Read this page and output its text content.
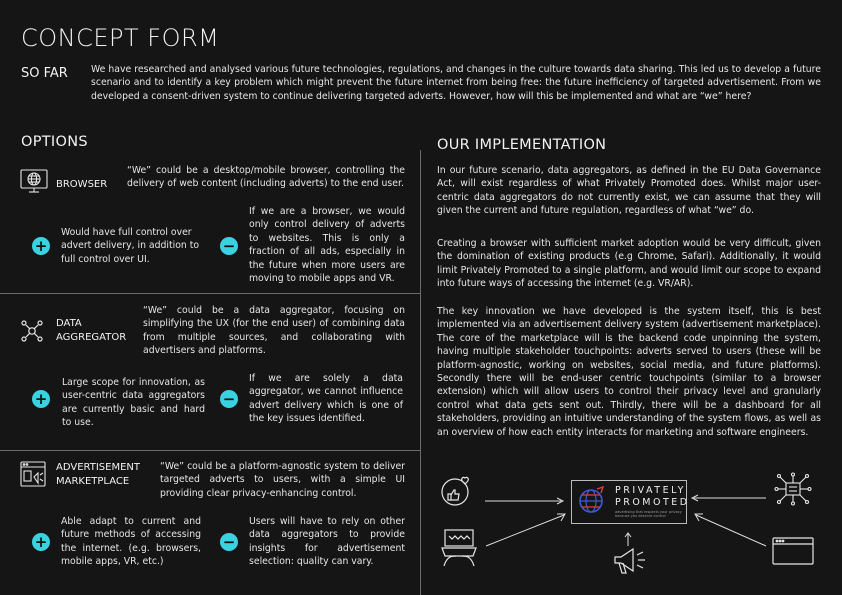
CONCEPT FORM
SO FAR We have researched and analysed various future technologies, regulations, and changes in the culture towards data sharing. This led us to develop a future scenario and to identify a key problem which might prevent the future internet from being free: the future inefficiency of targeted advertisement. From we developed a consent-driven system to continue delivering targeted adverts. However, how will this be implemented and what are “we” here?
OPTIONS
BROWSER
“We” could be a desktop/mobile browser, controlling the delivery of web content (including adverts) to the end user.
+
Would have full control over advert delivery, in addition to full control over UI.
−
If we are a browser, we would only control delivery of adverts to websites. This is only a fraction of all ads, especially in the future when more users are moving to mobile apps and VR.
DATA
AGGREGATOR
“We” could be a data aggregator, focusing on simplifying the UX (for the end user) of combining data from multiple sources, and collaborating with advertisers and platforms.
+
Large scope for innovation, as user-centric data aggregators are currently basic and hard to use.
−
If we are solely a data aggregator, we cannot influence advert delivery which is one of the key issues identified.
ADVERTISEMENT
MARKETPLACE
“We” could be a platform-agnostic system to deliver targeted adverts to users, with a simple UI providing clear privacy-enhancing control.
+
Able adapt to current and future methods of accessing the internet. (e.g. browsers, mobile apps, VR, etc.)
−
Users will have to rely on other data aggregators to provide insights for advertisement selection: quality can vary.
OUR IMPLEMENTATION
In our future scenario, data aggregators, as defined in the EU Data Governance Act, will exist regardless of what Privately Promoted does. Whilst major user-centric data aggregators do not currently exist, we can assume that they will given the current and future regulation, regardless of what “we” do.
Creating a browser with sufficient market adoption would be very difficult, given the domination of existing products (e.g Chrome, Safari). Additionally, it would limit Privately Promoted to a single platform, and would limit our scope to expand into future ways of accessing the internet (e.g. VR/AR).
The key innovation we have developed is the system itself, this is best implemented via an advertisement delivery system (advertisement marketplace). The core of the marketplace will is the backend code unpinning the system, having multiple stakeholder touchpoints: adverts served to users (these will be platform-agnostic, working on websites, social media, and future platforms). Secondly there will be end-user centric touchpoints (similar to a browser extension) which will allow users to control their privacy level and granularly control what data gets sent out. Thirdly, there will be a dashboard for all stakeholders, providing an intuitive understanding of the system flows, as well as an overview of how each entity interacts for marketing and software engineers.
PRIVATELY
PROMOTED
advertising that respects your privacy because you deserve control
